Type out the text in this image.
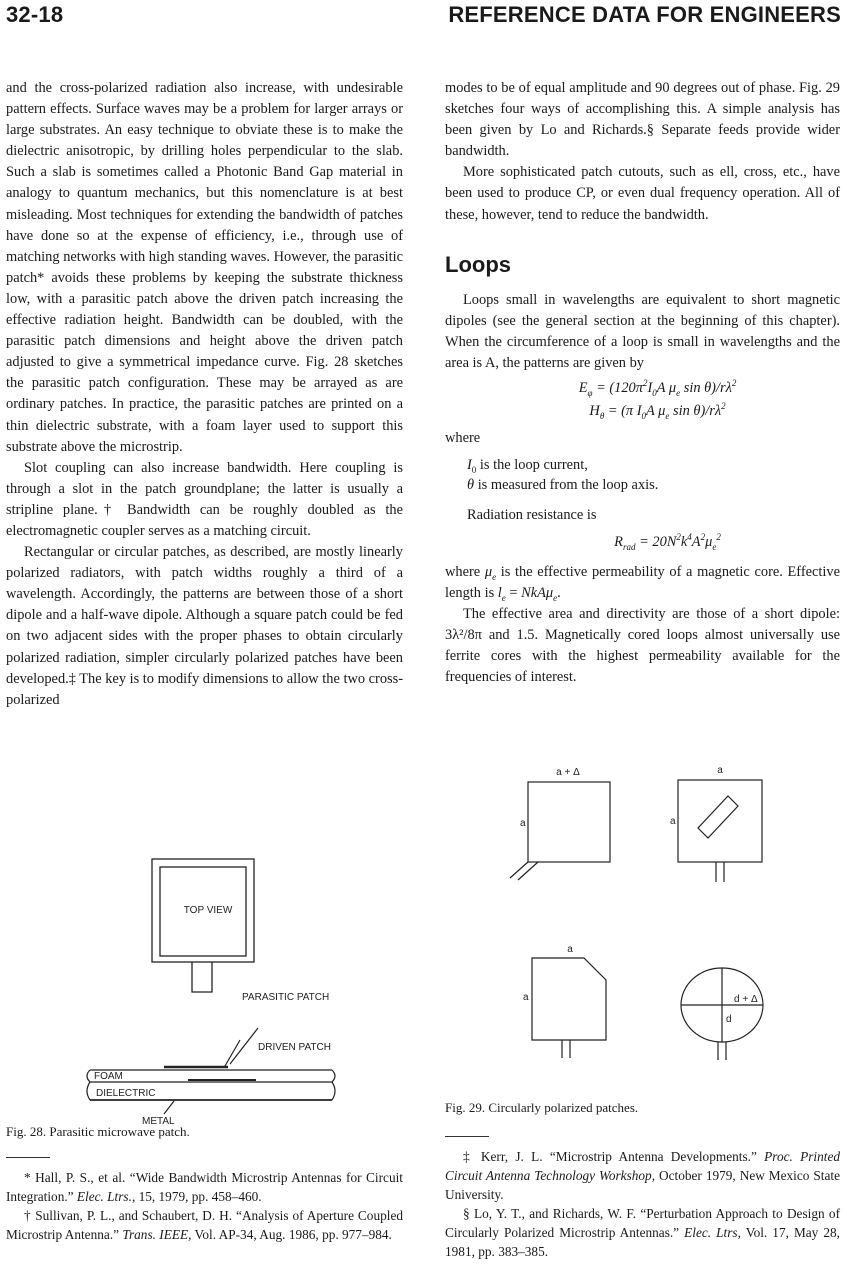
32-18	REFERENCE DATA FOR ENGINEERS

and the cross-polarized radiation also increase, with undesirable pattern effects. Surface waves may be a problem for larger arrays or large substrates. An easy technique to obviate these is to make the dielectric anisotropic, by drilling holes perpendicular to the slab. Such a slab is sometimes called a Photonic Band Gap material in analogy to quantum mechanics, but this nomenclature is at best misleading. Most techniques for extending the bandwidth of patches have done so at the expense of efficiency, i.e., through use of matching networks with high standing waves. However, the parasitic patch* avoids these problems by keeping the substrate thickness low, with a parasitic patch above the driven patch increasing the effective radiation height. Bandwidth can be doubled, with the parasitic patch dimensions and height above the driven patch adjusted to give a symmetrical impedance curve. Fig. 28 sketches the parasitic patch configuration. These may be arrayed as are ordinary patches. In practice, the parasitic patches are printed on a thin dielectric substrate, with a foam layer used to support this substrate above the microstrip.

Slot coupling can also increase bandwidth. Here coupling is through a slot in the patch groundplane; the latter is usually a stripline plane.† Bandwidth can be roughly doubled as the electromagnetic coupler serves as a matching circuit.

Rectangular or circular patches, as described, are mostly linearly polarized radiators, with patch widths roughly a third of a wavelength. Accordingly, the patterns are between those of a short dipole and a half-wave dipole. Although a square patch could be fed on two adjacent sides with the proper phases to obtain circularly polarized radiation, simpler circularly polarized patches have been developed.‡ The key is to modify dimensions to allow the two cross-polarized

modes to be of equal amplitude and 90 degrees out of phase. Fig. 29 sketches four ways of accomplishing this. A simple analysis has been given by Lo and Richards.§ Separate feeds provide wider bandwidth.

More sophisticated patch cutouts, such as ell, cross, etc., have been used to produce CP, or even dual frequency operation. All of these, however, tend to reduce the bandwidth.

Loops

Loops small in wavelengths are equivalent to short magnetic dipoles (see the general section at the beginning of this chapter). When the circumference of a loop is small in wavelengths and the area is A, the patterns are given by

$E_\varphi = (120\pi^2I_0A$ $\mu_e$ $\sin \theta)/r\lambda^2$
$H_\theta = (\pi$ $I_0A$ $\mu_e$ $\sin \theta)/r\lambda^2$
where
$I_0$ is the loop current,
θ is measured from the loop axis.
Radiation resistance is
$R_{rad} = 20N^2k^4A^2\mu_e^2$

where $\mu_e$ is the effective permeability of a magnetic core. Effective length is $l_e = NkA\mu_e$.

The effective area and directivity are those of a short dipole: 3λ²/8π and 1.5. Magnetically cored loops almost universally use ferrite cores with the highest permeability available for the frequencies of interest.

TOP VIEW
PARASITIC PATCH
DRIVEN PATCH
FOAM
DIELECTRIC
METAL
Fig. 28. Parasitic microwave patch.
a + Δ
a
a
a
a
a	d + Δ
d
Fig. 29. Circularly polarized patches.

* Hall, P. S., et al. “Wide Bandwidth Microstrip Antennas for Circuit Integration.” Elec. Ltrs., 15, 1979, pp. 458–460.

† Sullivan, P. L., and Schaubert, D. H. “Analysis of Aperture Coupled Microstrip Antenna.” Trans. IEEE, Vol. AP-34, Aug. 1986, pp. 977–984.

‡ Kerr, J. L. “Microstrip Antenna Developments.” Proc. Printed Circuit Antenna Technology Workshop, October 1979, New Mexico State University.

§ Lo, Y. T., and Richards, W. F. “Perturbation Approach to Design of Circularly Polarized Microstrip Antennas.” Elec. Ltrs, Vol. 17, May 28, 1981, pp. 383–385.
